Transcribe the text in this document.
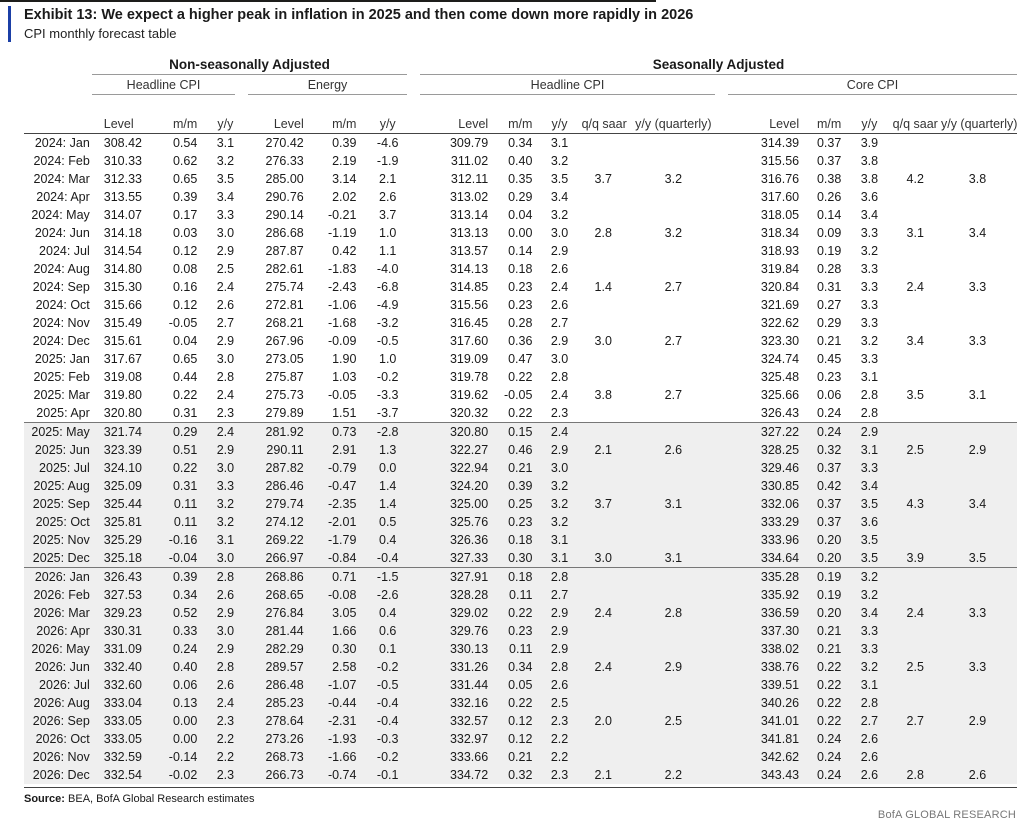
Exhibit 13: We expect a higher peak in inflation in 2025 and then come down more rapidly in 2026
CPI monthly forecast table
Non-seasonally Adjusted	Seasonally Adjusted
Headline CPI	Energy	Headline CPI	Core CPI
	Level	m/m	y/y	Level	m/m	y/y	Level	m/m	y/y	q/q saar	y/y (quarterly)	Level	m/m	y/y	q/q saar	y/y (quarterly)
2024: Jan	308.42	0.54	3.1	270.42	0.39	-4.6	309.79	0.34	3.1			314.39	0.37	3.9		
2024: Feb	310.33	0.62	3.2	276.33	2.19	-1.9	311.02	0.40	3.2			315.56	0.37	3.8		
2024: Mar	312.33	0.65	3.5	285.00	3.14	2.1	312.11	0.35	3.5	3.7	3.2	316.76	0.38	3.8	4.2	3.8
2024: Apr	313.55	0.39	3.4	290.76	2.02	2.6	313.02	0.29	3.4			317.60	0.26	3.6		
2024: May	314.07	0.17	3.3	290.14	-0.21	3.7	313.14	0.04	3.2			318.05	0.14	3.4		
2024: Jun	314.18	0.03	3.0	286.68	-1.19	1.0	313.13	0.00	3.0	2.8	3.2	318.34	0.09	3.3	3.1	3.4
2024: Jul	314.54	0.12	2.9	287.87	0.42	1.1	313.57	0.14	2.9			318.93	0.19	3.2		
2024: Aug	314.80	0.08	2.5	282.61	-1.83	-4.0	314.13	0.18	2.6			319.84	0.28	3.3		
2024: Sep	315.30	0.16	2.4	275.74	-2.43	-6.8	314.85	0.23	2.4	1.4	2.7	320.84	0.31	3.3	2.4	3.3
2024: Oct	315.66	0.12	2.6	272.81	-1.06	-4.9	315.56	0.23	2.6			321.69	0.27	3.3		
2024: Nov	315.49	-0.05	2.7	268.21	-1.68	-3.2	316.45	0.28	2.7			322.62	0.29	3.3		
2024: Dec	315.61	0.04	2.9	267.96	-0.09	-0.5	317.60	0.36	2.9	3.0	2.7	323.30	0.21	3.2	3.4	3.3
2025: Jan	317.67	0.65	3.0	273.05	1.90	1.0	319.09	0.47	3.0			324.74	0.45	3.3		
2025: Feb	319.08	0.44	2.8	275.87	1.03	-0.2	319.78	0.22	2.8			325.48	0.23	3.1		
2025: Mar	319.80	0.22	2.4	275.73	-0.05	-3.3	319.62	-0.05	2.4	3.8	2.7	325.66	0.06	2.8	3.5	3.1
2025: Apr	320.80	0.31	2.3	279.89	1.51	-3.7	320.32	0.22	2.3			326.43	0.24	2.8		
2025: May	321.74	0.29	2.4	281.92	0.73	-2.8	320.80	0.15	2.4			327.22	0.24	2.9		
2025: Jun	323.39	0.51	2.9	290.11	2.91	1.3	322.27	0.46	2.9	2.1	2.6	328.25	0.32	3.1	2.5	2.9
2025: Jul	324.10	0.22	3.0	287.82	-0.79	0.0	322.94	0.21	3.0			329.46	0.37	3.3		
2025: Aug	325.09	0.31	3.3	286.46	-0.47	1.4	324.20	0.39	3.2			330.85	0.42	3.4		
2025: Sep	325.44	0.11	3.2	279.74	-2.35	1.4	325.00	0.25	3.2	3.7	3.1	332.06	0.37	3.5	4.3	3.4
2025: Oct	325.81	0.11	3.2	274.12	-2.01	0.5	325.76	0.23	3.2			333.29	0.37	3.6		
2025: Nov	325.29	-0.16	3.1	269.22	-1.79	0.4	326.36	0.18	3.1			333.96	0.20	3.5		
2025: Dec	325.18	-0.04	3.0	266.97	-0.84	-0.4	327.33	0.30	3.1	3.0	3.1	334.64	0.20	3.5	3.9	3.5
2026: Jan	326.43	0.39	2.8	268.86	0.71	-1.5	327.91	0.18	2.8			335.28	0.19	3.2		
2026: Feb	327.53	0.34	2.6	268.65	-0.08	-2.6	328.28	0.11	2.7			335.92	0.19	3.2		
2026: Mar	329.23	0.52	2.9	276.84	3.05	0.4	329.02	0.22	2.9	2.4	2.8	336.59	0.20	3.4	2.4	3.3
2026: Apr	330.31	0.33	3.0	281.44	1.66	0.6	329.76	0.23	2.9			337.30	0.21	3.3		
2026: May	331.09	0.24	2.9	282.29	0.30	0.1	330.13	0.11	2.9			338.02	0.21	3.3		
2026: Jun	332.40	0.40	2.8	289.57	2.58	-0.2	331.26	0.34	2.8	2.4	2.9	338.76	0.22	3.2	2.5	3.3
2026: Jul	332.60	0.06	2.6	286.48	-1.07	-0.5	331.44	0.05	2.6			339.51	0.22	3.1		
2026: Aug	333.04	0.13	2.4	285.23	-0.44	-0.4	332.16	0.22	2.5			340.26	0.22	2.8		
2026: Sep	333.05	0.00	2.3	278.64	-2.31	-0.4	332.57	0.12	2.3	2.0	2.5	341.01	0.22	2.7	2.7	2.9
2026: Oct	333.05	0.00	2.2	273.26	-1.93	-0.3	332.97	0.12	2.2			341.81	0.24	2.6		
2026: Nov	332.59	-0.14	2.2	268.73	-1.66	-0.2	333.66	0.21	2.2			342.62	0.24	2.6		
2026: Dec	332.54	-0.02	2.3	266.73	-0.74	-0.1	334.72	0.32	2.3	2.1	2.2	343.43	0.24	2.6	2.8	2.6
Source: BEA, BofA Global Research estimates
BofA GLOBAL RESEARCH
